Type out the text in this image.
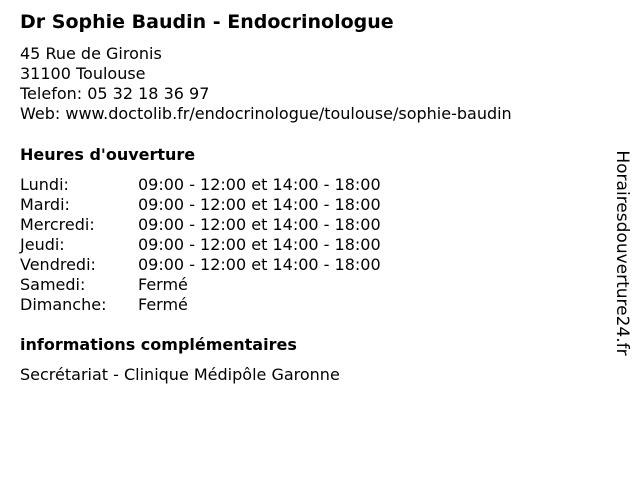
Dr Sophie Baudin - Endocrinologue
45 Rue de Gironis
31100 Toulouse
Telefon: 05 32 18 36 97
Web: www.doctolib.fr/endocrinologue/toulouse/sophie-baudin
Heures d'ouverture
Lundi:	09:00 - 12:00 et 14:00 - 18:00
Mardi:	09:00 - 12:00 et 14:00 - 18:00
Mercredi:	09:00 - 12:00 et 14:00 - 18:00
Jeudi:	09:00 - 12:00 et 14:00 - 18:00
Vendredi:	09:00 - 12:00 et 14:00 - 18:00
Samedi:	Fermé
Dimanche: Fermé
informations complémentaires
Secrétariat - Clinique Médipôle Garonne
Horairesdouverture24.fr
